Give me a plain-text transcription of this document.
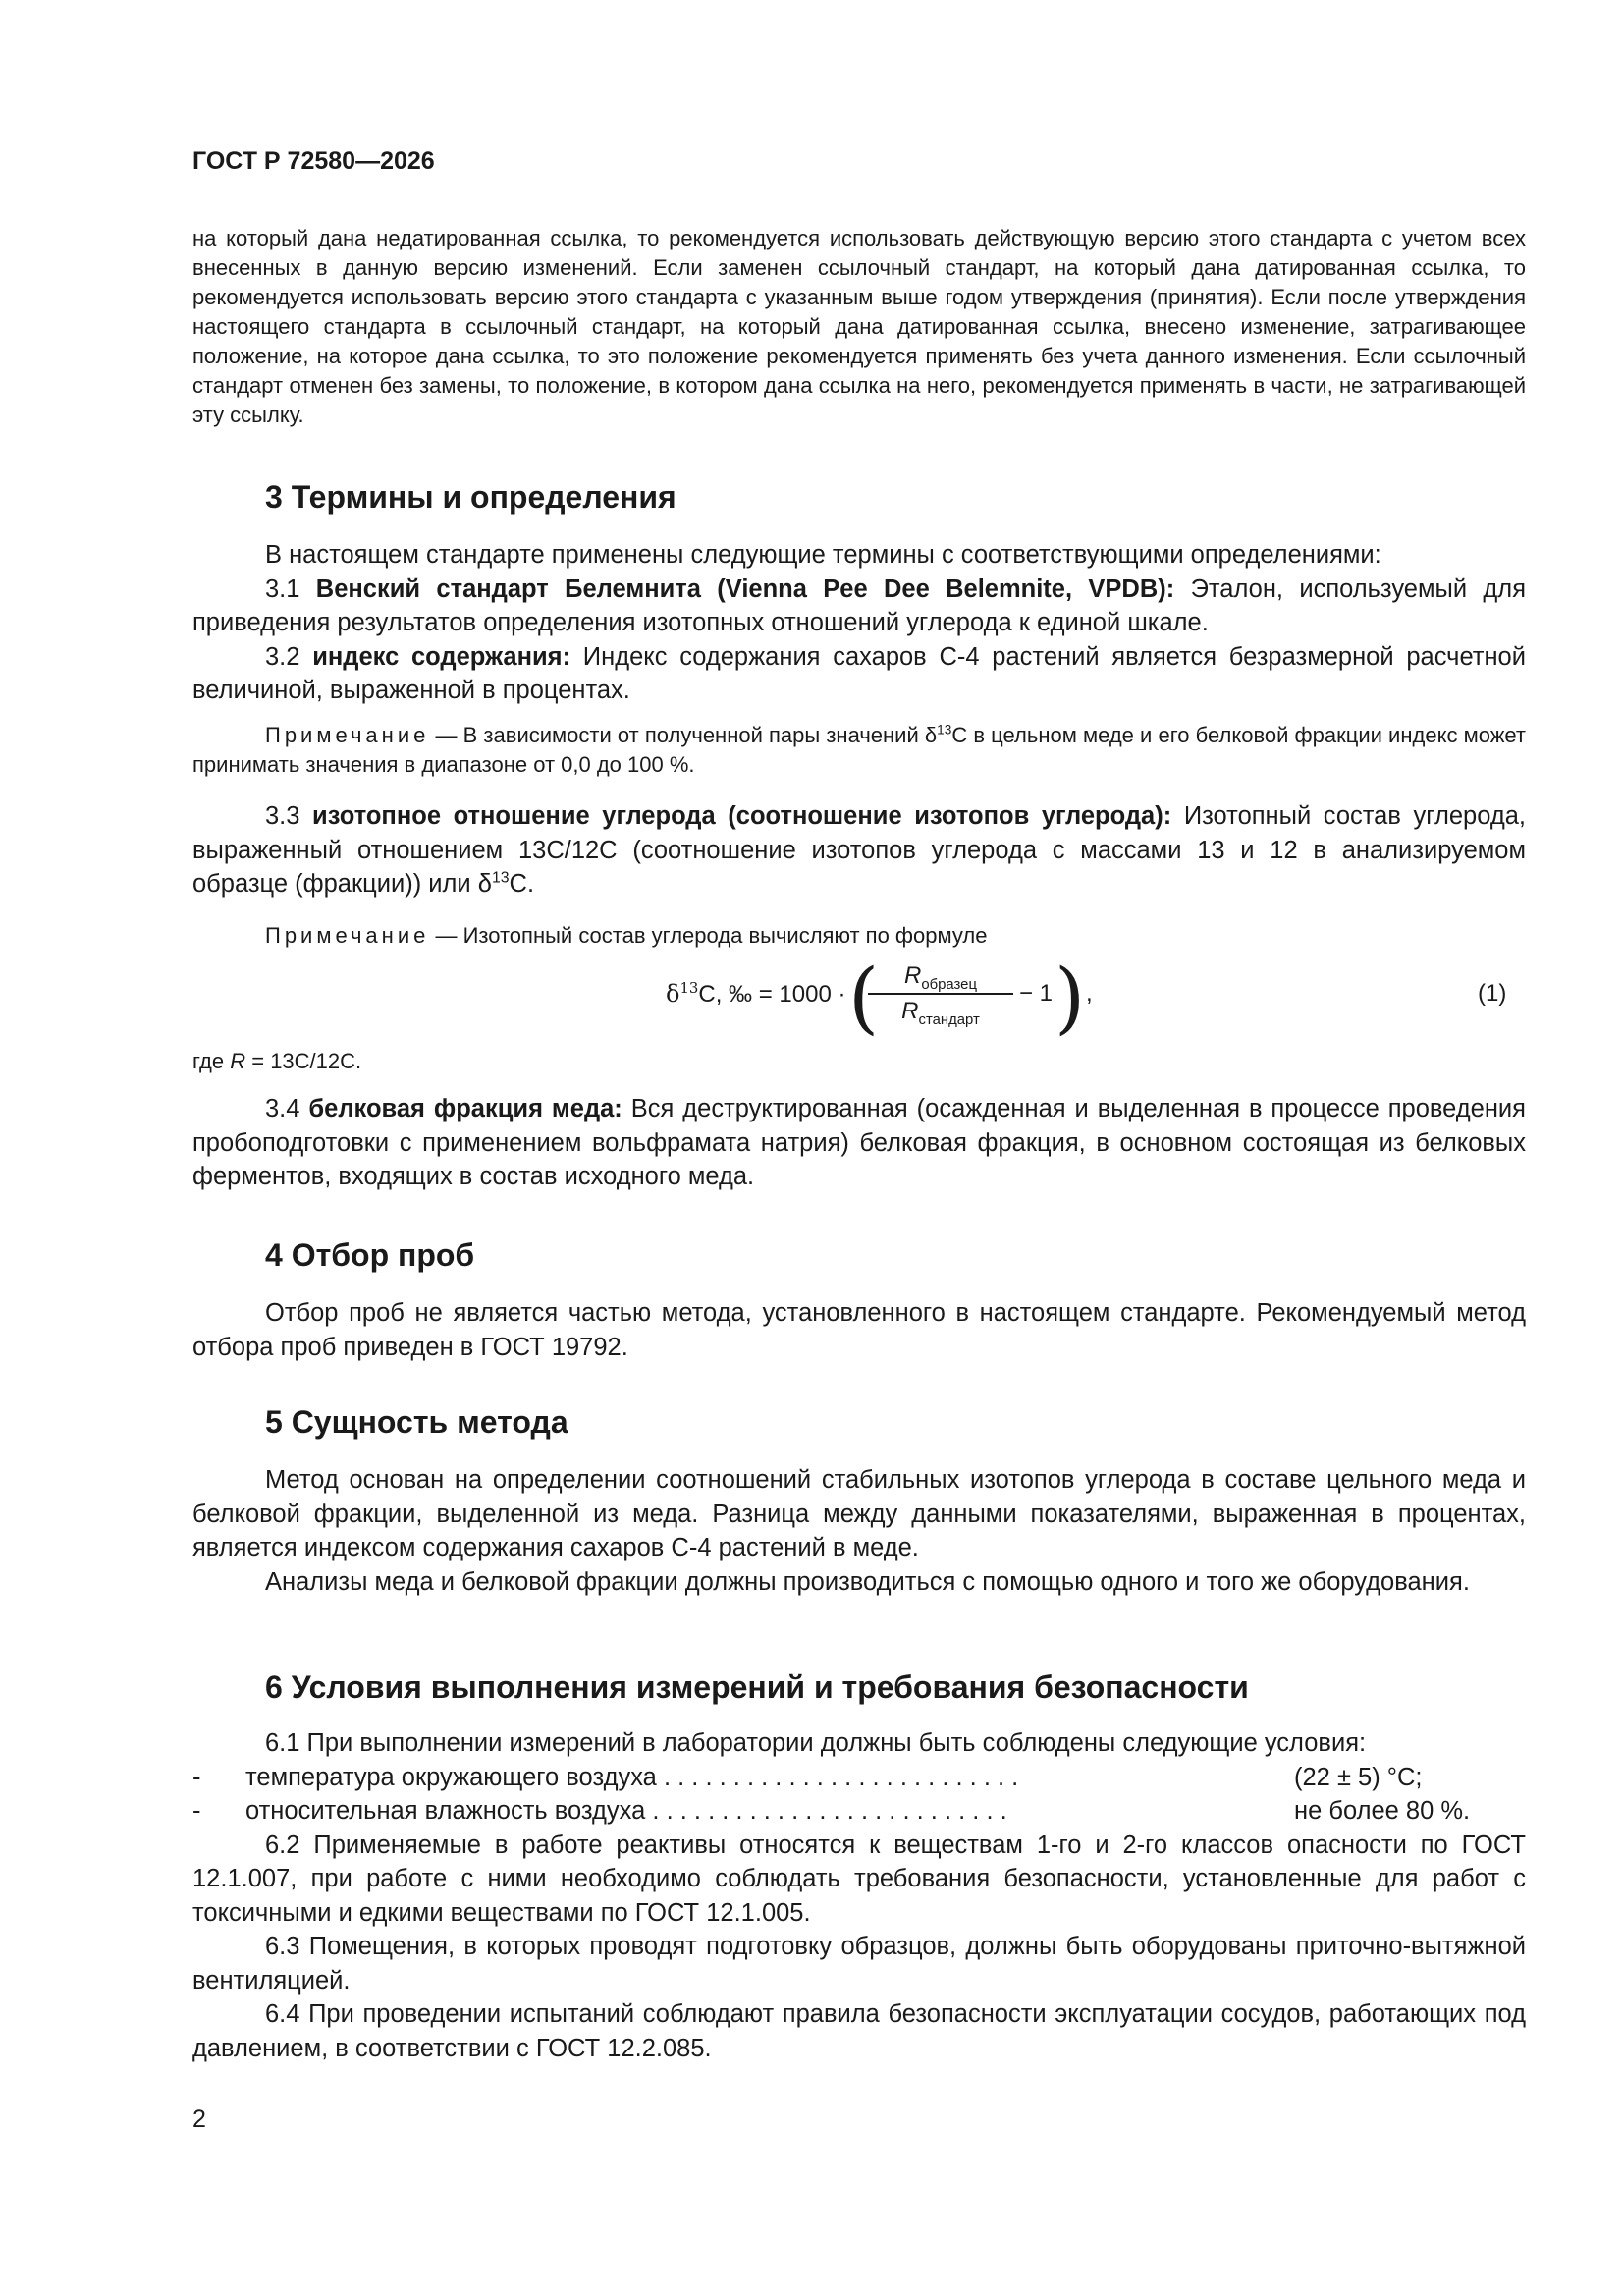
ГОСТ Р 72580—2026

на который дана недатированная ссылка, то рекомендуется использовать действующую версию этого стандарта с учетом всех внесенных в данную версию изменений. Если заменен ссылочный стандарт, на который дана датированная ссылка, то рекомендуется использовать версию этого стандарта с указанным выше годом утверждения (принятия). Если после утверждения настоящего стандарта в ссылочный стандарт, на который дана датированная ссылка, внесено изменение, затрагивающее положение, на которое дана ссылка, то это положение рекомендуется применять без учета данного изменения. Если ссылочный стандарт отменен без замены, то положение, в котором дана ссылка на него, рекомендуется применять в части, не затрагивающей эту ссылку.

3 Термины и определения

В настоящем стандарте применены следующие термины с соответствующими определениями:

3.1 Венский стандарт Белемнита (Vienna Pee Dee Belemnite, VPDB): Эталон, используемый для приведения результатов определения изотопных отношений углерода к единой шкале.

3.2 индекс содержания: Индекс содержания сахаров С-4 растений является безразмерной расчетной величиной, выраженной в процентах.

Примечание — В зависимости от полученной пары значений $\delta^{13}C$ в цельном меде и его белковой фракции индекс может принимать значения в диапазоне от 0,0 до 100 %.

3.3 изотопное отношение углерода (соотношение изотопов углерода): Изотопный состав углерода, выраженный отношением 13C/12C (соотношение изотопов углерода с массами 13 и 12 в анализируемом образце (фракции)) или $\delta^{13}C$.

Примечание — Изотопный состав углерода вычисляют по формуле

$\delta^{13}C$, ‰ = 1000 · (	$R_{образец}$
$R_{стандарт}$
− 1 ) ,	(1)

где R = 13C/12C.

3.4 белковая фракция меда: Вся деструктированная (осажденная и выделенная в процессе проведения пробоподготовки с применением вольфрамата натрия) белковая фракция, в основном состоящая из белковых ферментов, входящих в состав исходного меда.

4 Отбор проб

Отбор проб не является частью метода, установленного в настоящем стандарте. Рекомендуемый метод отбора проб приведен в ГОСТ 19792.

5 Сущность метода

Метод основан на определении соотношений стабильных изотопов углерода в составе цельного меда и белковой фракции, выделенной из меда. Разница между данными показателями, выраженная в процентах, является индексом содержания сахаров С-4 растений в меде.

Анализы меда и белковой фракции должны производиться с помощью одного и того же оборудования.

6 Условия выполнения измерений и требования безопасности

6.1 При выполнении измерений в лаборатории должны быть соблюдены следующие условия:

- температура окружающего воздуха . . . . . . . . . . . . . . . . . . . . . . . . . .	(22 ± 5) °C;
- относительная влажность воздуха . . . . . . . . . . . . . . . . . . . . . . . . . .	не более 80 %.

6.2 Применяемые в работе реактивы относятся к веществам 1-го и 2-го классов опасности по ГОСТ 12.1.007, при работе с ними необходимо соблюдать требования безопасности, установленные для работ с токсичными и едкими веществами по ГОСТ 12.1.005.

6.3 Помещения, в которых проводят подготовку образцов, должны быть оборудованы приточно-вытяжной вентиляцией.

6.4 При проведении испытаний соблюдают правила безопасности эксплуатации сосудов, работающих под давлением, в соответствии с ГОСТ 12.2.085.

2
